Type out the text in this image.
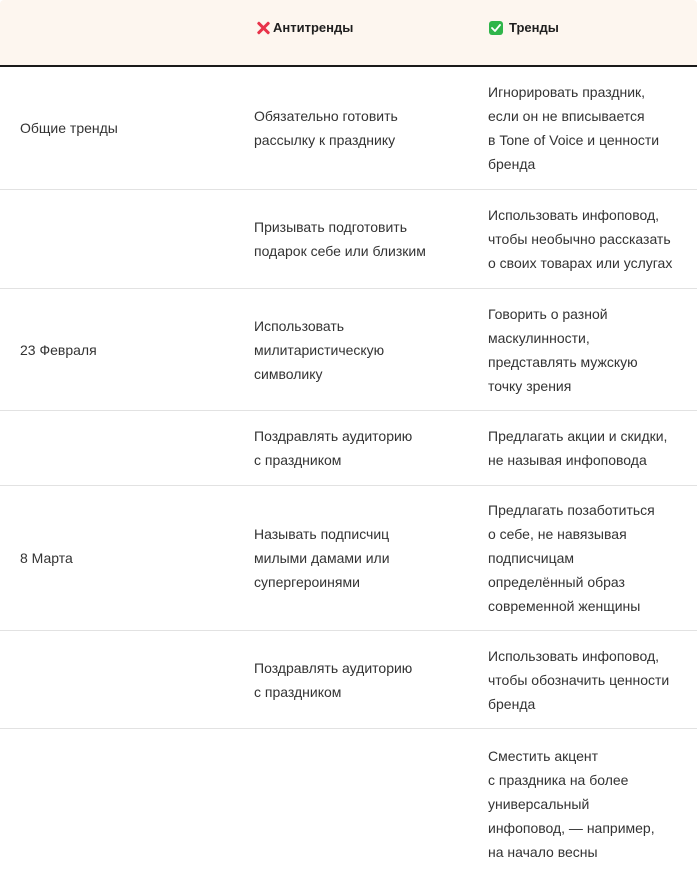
Антитренды	Тренды
Общие тренды
Обязательно готовить
рассылку к празднику
Игнорировать праздник,
если он не вписывается
в Tone of Voice и ценности
бренда
Призывать подготовить
подарок себе или близким
Использовать инфоповод,
чтобы необычно рассказать
о своих товарах или услугах
23 Февраля
Использовать
милитаристическую
символику
Говорить о разной
маскулинности,
представлять мужскую
точку зрения
Поздравлять аудиторию
с праздником
Предлагать акции и скидки,
не называя инфоповода
8 Марта
Называть подписчиц
милыми дамами или
супергероинями
Предлагать позаботиться
о себе, не навязывая
подписчицам
определённый образ
современной женщины
Поздравлять аудиторию
с праздником
Использовать инфоповод,
чтобы обозначить ценности
бренда
Сместить акцент
с праздника на более
универсальный
инфоповод, — например,
на начало весны
